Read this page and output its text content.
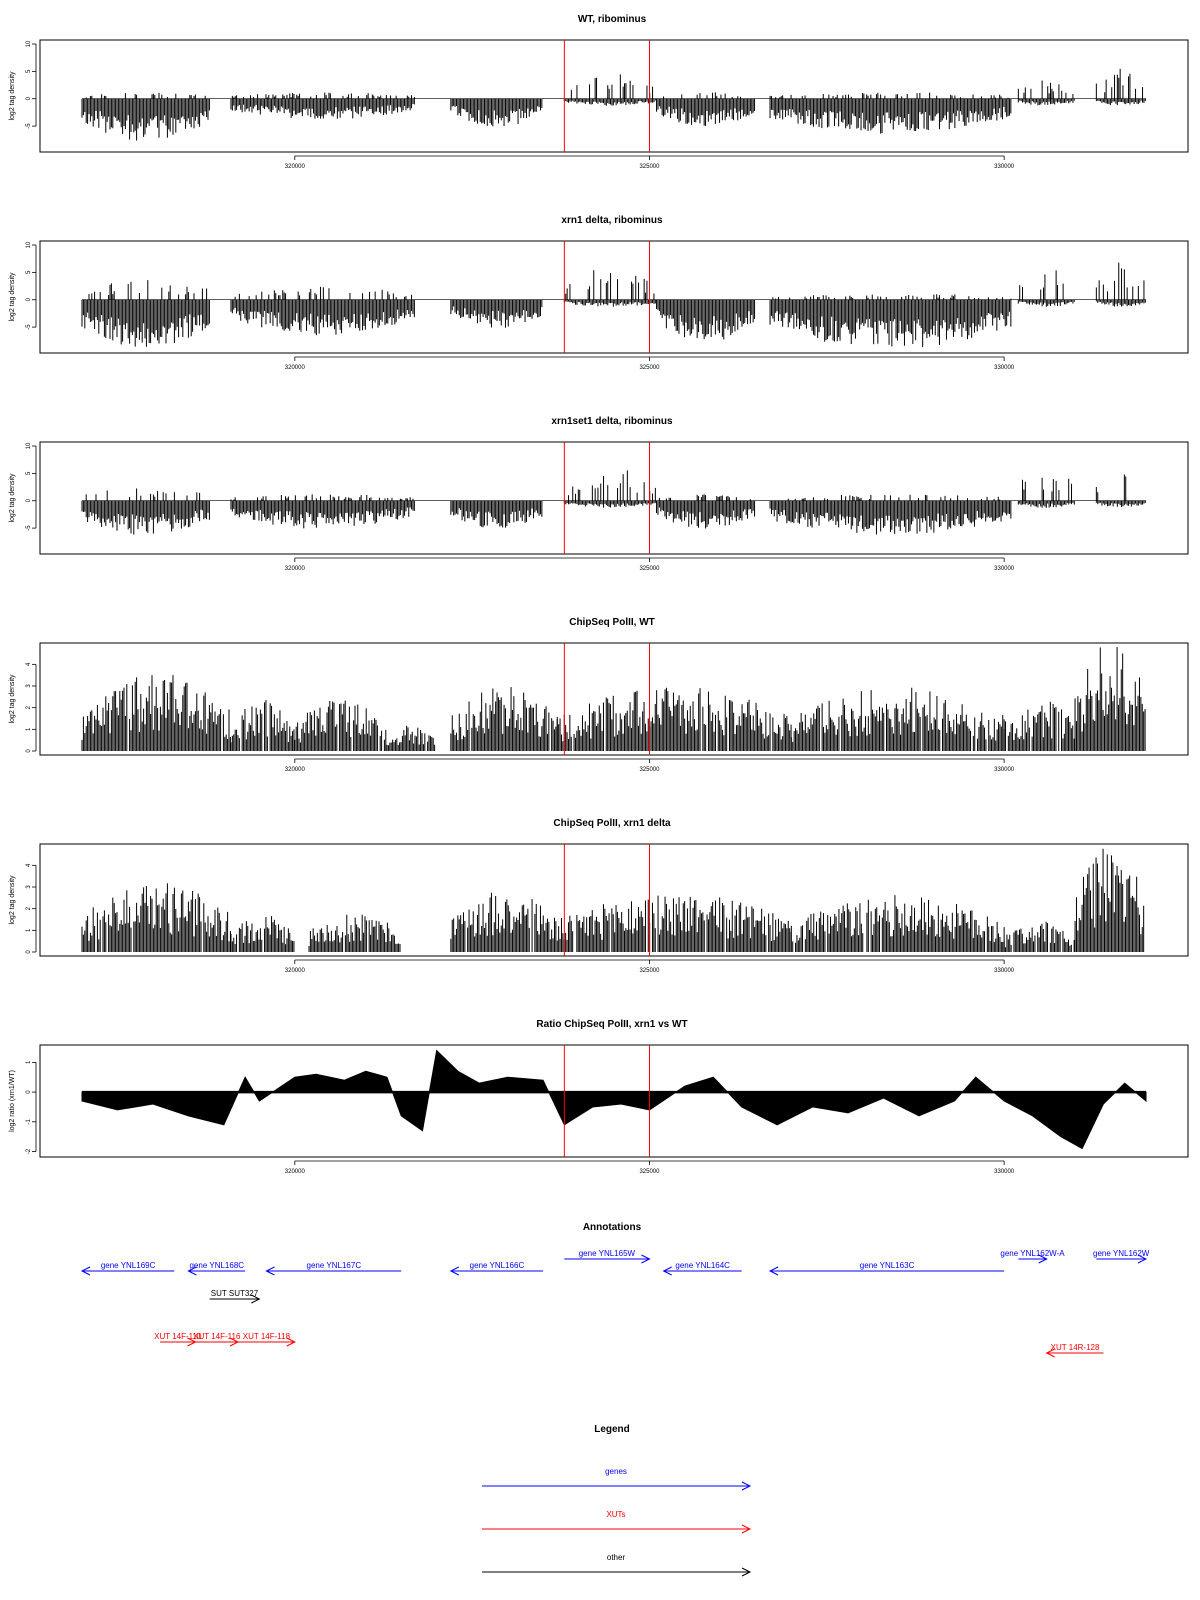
WT, ribominus
-5
0
5
10
log2 tag density
320000	325000	330000
xrn1 delta, ribominus
-5
0
5
10
log2 tag density
320000	325000	330000
xrn1set1 delta, ribominus
-5
0
5
10
log2 tag density
320000	325000	330000
ChipSeq PolII, WT
0
1
2
3
4
log2 tag density
320000	325000	330000
ChipSeq PolII, xrn1 delta
0
1
2
3
4
log2 tag density
320000	325000	330000
Ratio ChipSeq PolII, xrn1 vs WT
-2
-1
0
1
log2 ratio (xrn1/WT)
320000	325000	330000
Annotations
gene YNL169C	gene YNL168C	gene YNL167C	gene YNL166C
gene YNL165W
gene YNL164C	gene YNL163C
gene YNL162W-A	gene YNL162W
SUT SUT327
XUT 14F-110
XUT 14F-116 XUT 14F-118
XUT 14R-128
Legend
genes
XUTs
other
